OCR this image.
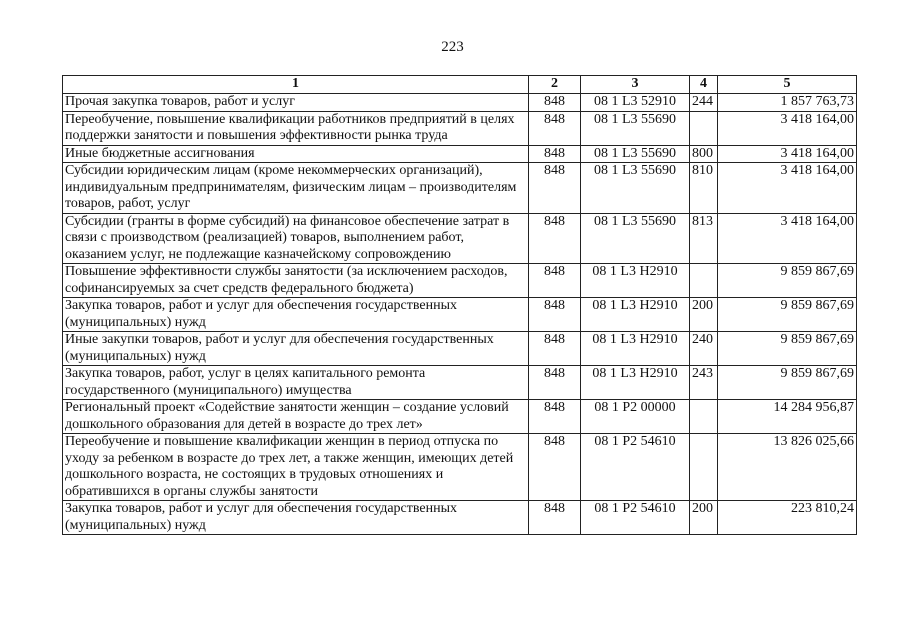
223
1	2	3	4	5
Прочая закупка товаров, работ и услуг	848	08 1 L3 52910	244	1 857 763,73
Переобучение, повышение квалификации работников предприятий в целях поддержки занятости и повышения эффективности рынка труда	848	08 1 L3 55690		3 418 164,00
Иные бюджетные ассигнования	848	08 1 L3 55690	800	3 418 164,00
Субсидии юридическим лицам (кроме некоммерческих организаций), индивидуальным предпринимателям, физическим лицам – производителям товаров, работ, услуг	848	08 1 L3 55690	810	3 418 164,00
Субсидии (гранты в форме субсидий) на финансовое обеспечение затрат в связи с производством (реализацией) товаров, выполнением работ, оказанием услуг, не подлежащие казначейскому сопровождению	848	08 1 L3 55690	813	3 418 164,00
Повышение эффективности службы занятости (за исключением расходов, софинансируемых за счет средств федерального бюджета)	848	08 1 L3 H2910		9 859 867,69
Закупка товаров, работ и услуг для обеспечения государственных (муниципальных) нужд	848	08 1 L3 H2910	200	9 859 867,69
Иные закупки товаров, работ и услуг для обеспечения государственных (муниципальных) нужд	848	08 1 L3 H2910	240	9 859 867,69
Закупка товаров, работ, услуг в целях капитального ремонта государственного (муниципального) имущества	848	08 1 L3 H2910	243	9 859 867,69
Региональный проект «Содействие занятости женщин – создание условий дошкольного образования для детей в возрасте до трех лет»	848	08 1 P2 00000		14 284 956,87
Переобучение и повышение квалификации женщин в период отпуска по уходу за ребенком в возрасте до трех лет, а также женщин, имеющих детей дошкольного возраста, не состоящих в трудовых отношениях и обратившихся в органы службы занятости	848	08 1 P2 54610		13 826 025,66
Закупка товаров, работ и услуг для обеспечения государственных (муниципальных) нужд	848	08 1 P2 54610	200	223 810,24
